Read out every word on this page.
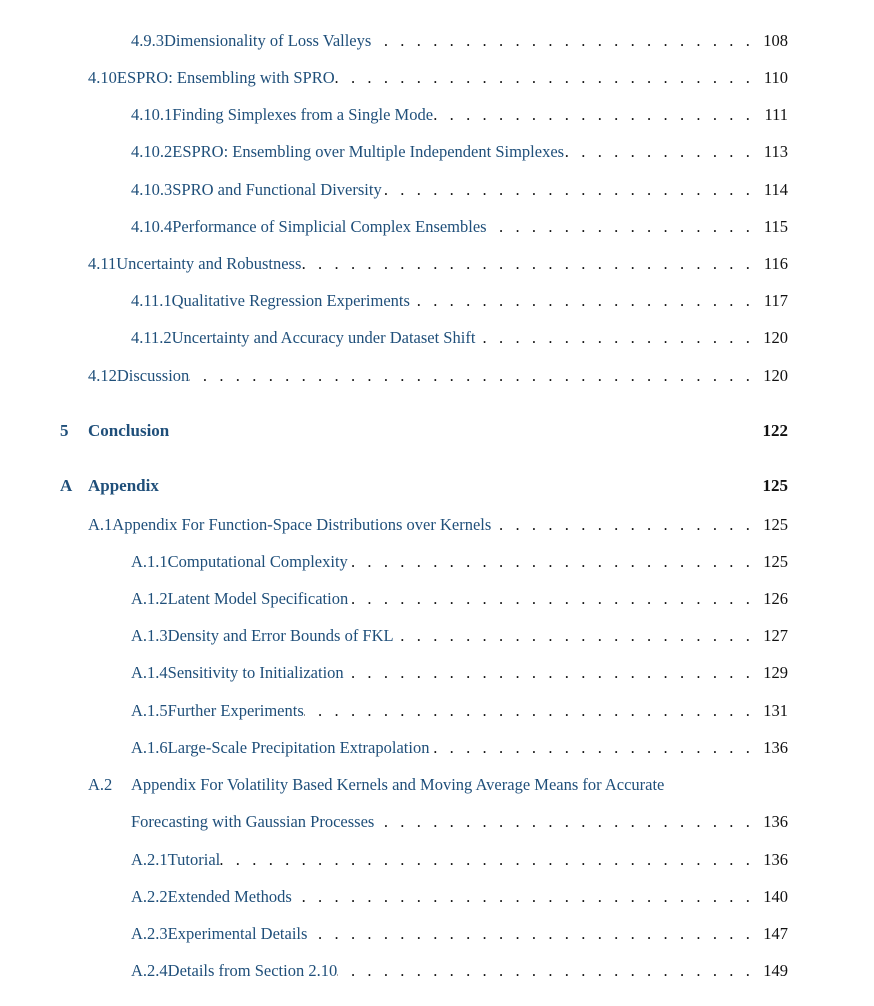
4.9.3 Dimensionality of Loss Valleys . . .	108
4.10 ESPRO: Ensembling with SPRO . . .	110
4.10.1 Finding Simplexes from a Single Mode . . .	111
4.10.2 ESPRO: Ensembling over Multiple Independent Simplexes . . .	113
4.10.3 SPRO and Functional Diversity . . .	114
4.10.4 Performance of Simplicial Complex Ensembles . . .	115
4.11 Uncertainty and Robustness . . .	116
4.11.1 Qualitative Regression Experiments . . .	117
4.11.2 Uncertainty and Accuracy under Dataset Shift . . .	120
4.12 Discussion . . .	120
5	Conclusion	122
A Appendix	125
A.1 Appendix For Function-Space Distributions over Kernels . . .	125
A.1.1 Computational Complexity . . .	125
A.1.2 Latent Model Specification . . .	126
A.1.3 Density and Error Bounds of FKL . . .	127
A.1.4 Sensitivity to Initialization . . .	129
A.1.5 Further Experiments . . .	131
A.1.6 Large-Scale Precipitation Extrapolation . . .	136
A.2	Appendix For Volatility Based Kernels and Moving Average Means for Accurate
Forecasting with Gaussian Processes . . .	136
A.2.1 Tutorial . . .	136
A.2.2 Extended Methods . . .	140
A.2.3 Experimental Details . . .	147
A.2.4 Details from Section 2.10 . . .	149
